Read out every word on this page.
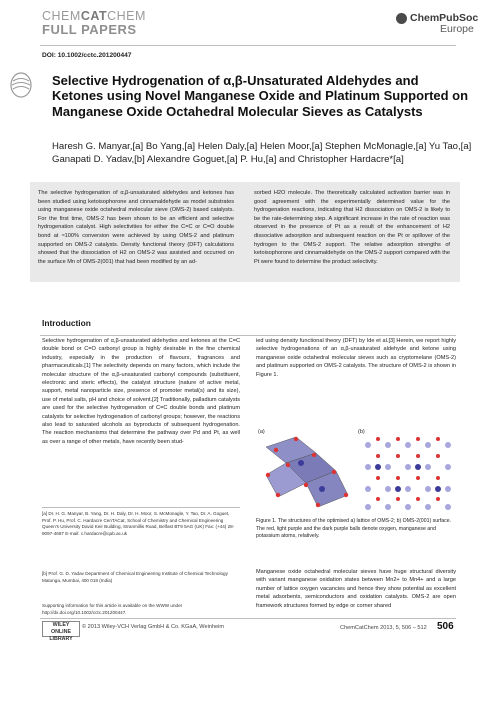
CHEMCATCHEM
FULL PAPERS
ChemPubSoc
Europe
DOI: 10.1002/cctc.201200447
Selective Hydrogenation of α,β-Unsaturated Aldehydes and Ketones using Novel Manganese Oxide and Platinum Supported on Manganese Oxide Octahedral Molecular Sieves as Catalysts
Haresh G. Manyar,[a] Bo Yang,[a] Helen Daly,[a] Helen Moor,[a] Stephen McMonagle,[a] Yu Tao,[a] Ganapati D. Yadav,[b] Alexandre Goguet,[a] P. Hu,[a] and Christopher Hardacre*[a]
The selective hydrogenation of α,β-unsaturated aldehydes and ketones has been studied using ketoisophorone and cinnamaldehyde as model substrates using manganese oxide octahedral molecular sieve (OMS-2) based catalysts. For the first time, OMS-2 has been shown to be an efficient and selective hydrogenation catalyst. High selectivities for either the C=C or C=O double bond at ≈100% conversion were achieved by using OMS-2 and platinum supported on OMS-2 catalysts. Density functional theory (DFT) calculations showed that the dissociation of H2 on OMS-2 was assisted and occurred on the surface Mn of OMS-2(001) that had been modified by an ad-
sorbed H2O molecule. The theoretically calculated activation barrier was in good agreement with the experimentally determined value for the hydrogenation reactions, indicating that H2 dissociation on OMS-2 is likely to be the rate-determining step. A significant increase in the rate of reaction was observed in the presence of Pt as a result of the enhancement of H2 dissociative adsorption and subsequent reaction on the Pt or spillover of the hydrogen to the OMS-2 support. The relative adsorption strengths of ketoisophorone and cinnamaldehyde on the OMS-2 support compared with the Pt were found to determine the product selectivity.
Introduction
Selective hydrogenation of α,β-unsaturated aldehydes and ketones at the C=C double bond or C=O carbonyl group is highly desirable in the fine chemical industry, especially in the production of flavours, fragrances and pharmaceuticals.[1] The selectivity depends on many factors, which include the molecular structure of the α,β-unsaturated carbonyl compounds (substituent, electronic and steric effects), the catalyst structure (nature of active metal, support, metal nanoparticle size, presence of promoter metal(s) and its size), use of metal salts, pH and choice of solvent.[2] Traditionally, palladium catalysts are used for the selective hydrogenation of C=C double bonds and platinum catalysts for selective hydrogenation of carbonyl groups; however, the reactions also lead to saturated alcohols as byproducts of subsequent hydrogenation. The reaction mechanisms that determine the pathway over Pd and Pt, as well as over a range of other metals, have recently been stud-
ied using density functional theory (DFT) by Ide et al.[3] Herein, we report highly selective hydrogenations of an α,β-unsaturated aldehyde and ketone using manganese oxide octahedral molecular sieves such as cryptomelane (OMS-2) and platinum supported on OMS-2 catalysts. The structure of OMS-2 is shown in Figure 1.
(a)	(b)
Figure 1. The structures of the optimised a) lattice of OMS-2; b) OMS-2(001) surface. The red, light purple and the dark purple balls denote oxygen, manganese and potassium atoms, relatively.
Manganese oxide octahedral molecular sieves have huge structural diversity with variant manganese oxidation states between Mn2+ to Mn4+ and a large number of lattice oxygen vacancies and hence they show potential as excellent metal adsorbents, semiconductors and oxidation catalysts. OMS-2 are open framework structures formed by edge or corner shared
[a] Dr. H. G. Manyar, B. Yang, Dr. H. Daly, Dr. H. Moor, S. McMonagle, Y. Tao, Dr. A. Goguet, Prof. P. Hu, Prof. C. Hardacre CenTACat, School of Chemistry and Chemical Engineering Queen's University David Keir Building, Stranmillis Road, Belfast BT9 5AG (UK) Fax: (+44) 28-9097-4687 E-mail: c.hardacre@qub.ac.uk
[b] Prof. G. D. Yadav Department of Chemical Engineering Institute of Chemical Technology Matunga, Mumbai, 400 019 (India)
Supporting information for this article is available on the WWW under http://dx.doi.org/10.1002/cctc.201200447.
WILEY ONLINE LIBRARY
© 2013 Wiley-VCH Verlag GmbH & Co. KGaA, Weinheim	ChemCatChem 2013, 5, 506 – 512 506
